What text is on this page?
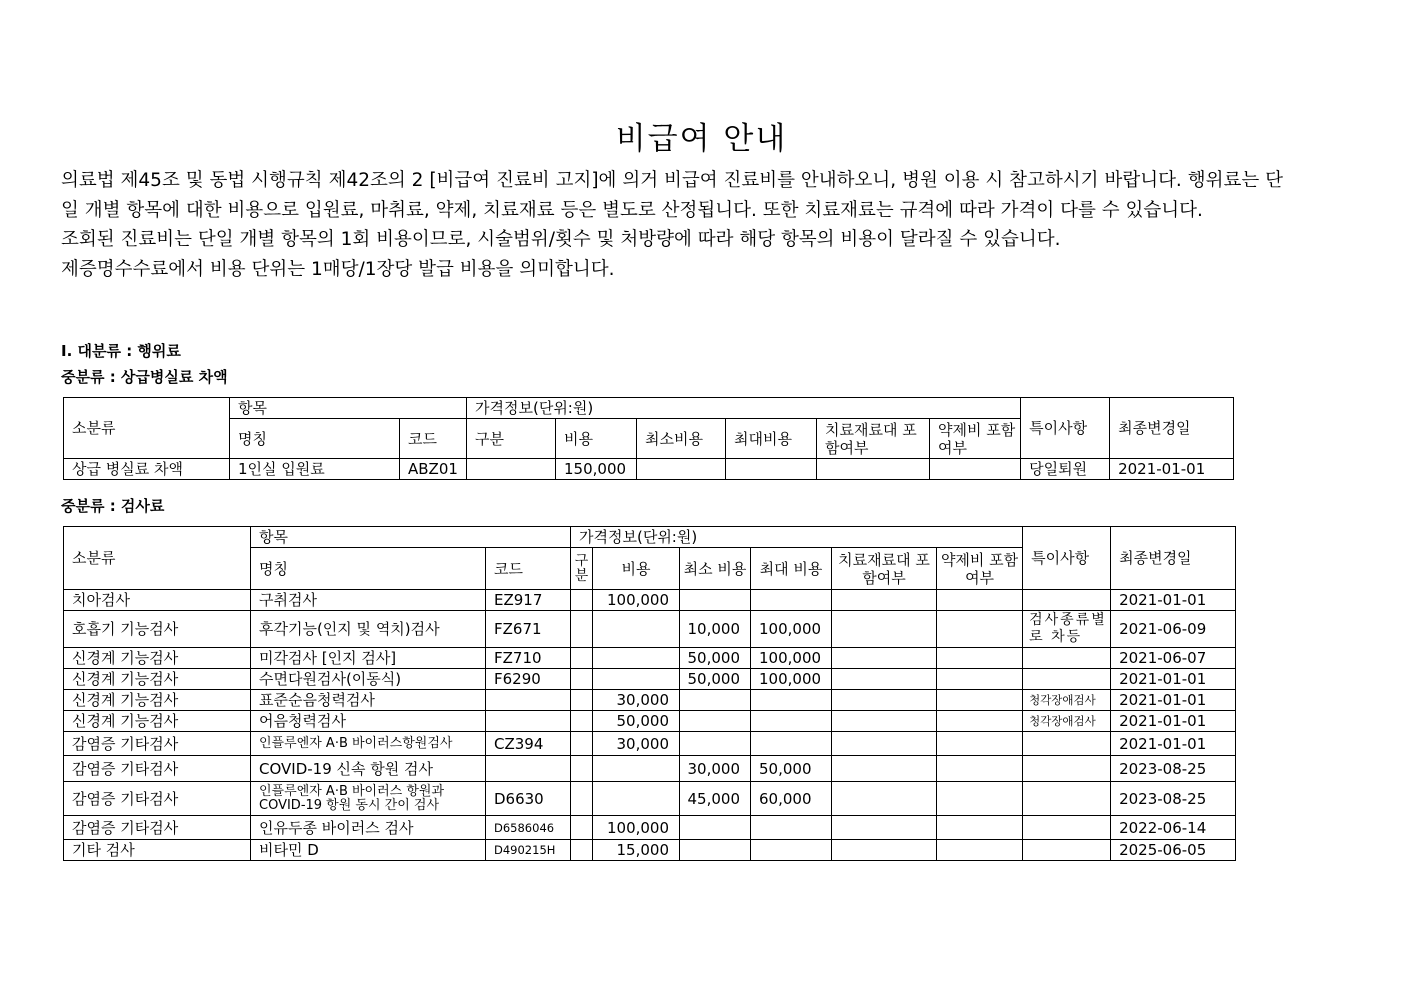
비급여 안내

의료법 제45조 및 동법 시행규칙 제42조의 2 [비급여 진료비 고지]에 의거 비급여 진료비를 안내하오니, 병원 이용 시 참고하시기 바랍니다. 행위료는 단일 개별 항목에 대한 비용으로 입원료, 마취료, 약제, 치료재료 등은 별도로 산정됩니다. 또한 치료재료는 규격에 따라 가격이 다를 수 있습니다.

조회된 진료비는 단일 개별 항목의 1회 비용이므로, 시술범위/횟수 및 처방량에 따라 해당 항목의 비용이 달라질 수 있습니다.

제증명수수료에서 비용 단위는 1매당/1장당 발급 비용을 의미합니다.

I. 대분류 : 행위료
중분류 : 상급병실료 차액
소분류	항목		가격정보(단위:원)						특이사항	최종변경일
	명칭	코드	구분	비용	최소비용	최대비용	치료재료대 포함여부	약제비 포함여부		
상급 병실료 차액	1인실 입원료	ABZ01		150,000					당일퇴원	2021-01-01
중분류 : 검사료
소분류	항목		가격정보(단위:원)						특이사항	최종변경일
	명칭	코드	구분	비용	최소 비용	최대 비용	치료재료대 포함여부	약제비 포함여부		
치아검사	구취검사	EZ917		100,000						2021-01-01
호흡기 기능검사	후각기능(인지 및 역치)검사	FZ671			10,000	100,000			검사종류별로 차등	2021-06-09
신경계 기능검사	미각검사 [인지 검사]	FZ710			50,000	100,000				2021-06-07
신경계 기능검사	수면다원검사(이동식)	F6290			50,000	100,000				2021-01-01
신경계 기능검사	표준순음청력검사			30,000					청각장애검사	2021-01-01
신경계 기능검사	어음청력검사			50,000					청각장애검사	2021-01-01
감염증 기타검사	인플루엔자 A·B 바이러스항원검사	CZ394		30,000						2021-01-01
감염증 기타검사	COVID-19 신속 항원 검사				30,000	50,000				2023-08-25
감염증 기타검사	인플루엔자 A·B 바이러스 항원과 COVID-19 항원 동시 간이 검사	D6630			45,000	60,000				2023-08-25
감염증 기타검사	인유두종 바이러스 검사	D6586046		100,000						2022-06-14
기타 검사	비타민 D	D490215H		15,000						2025-06-05
